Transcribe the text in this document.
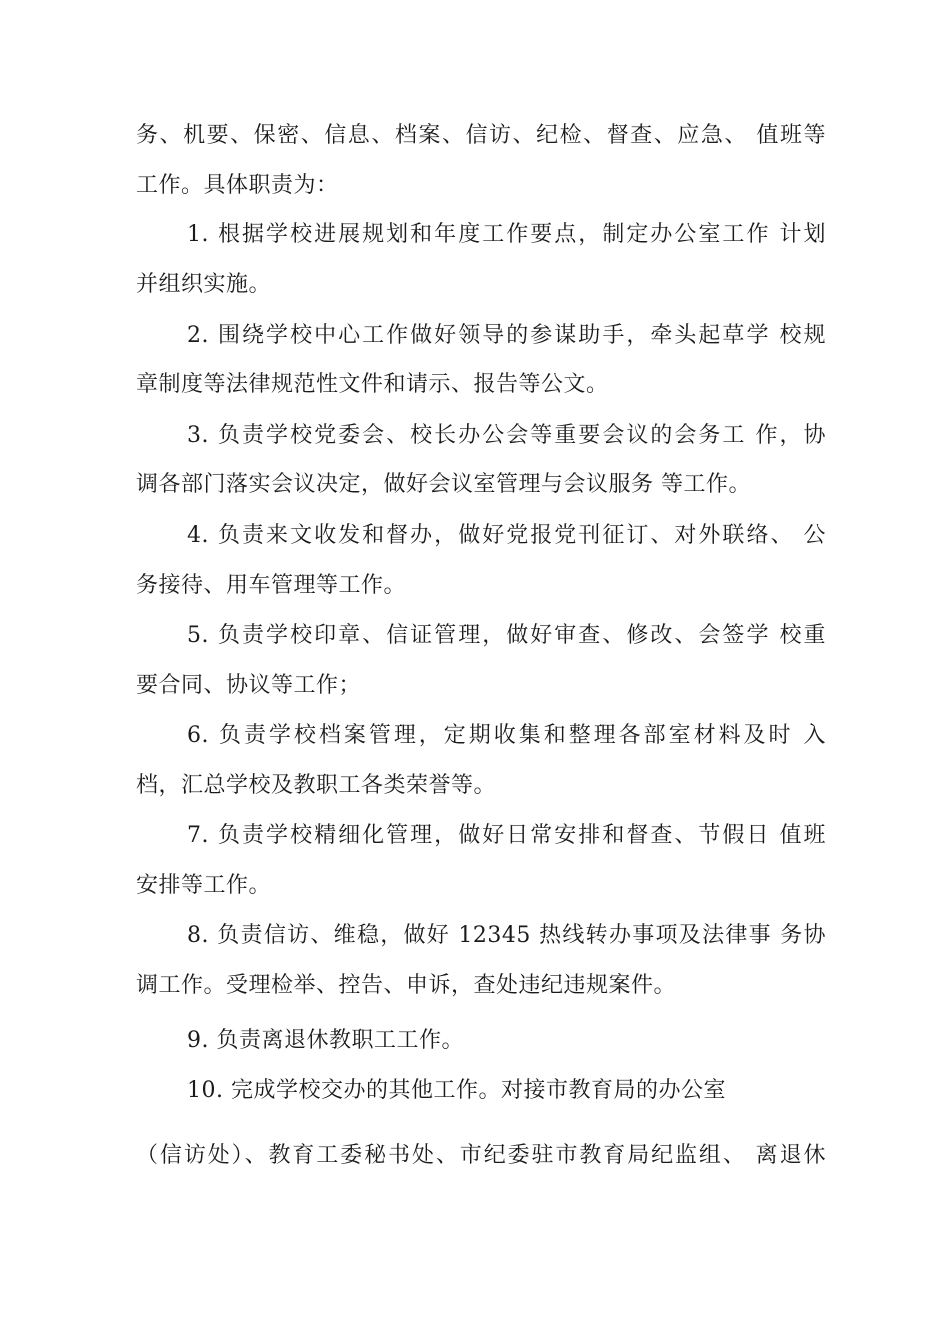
务、机要、保密、信息、档案、信访、纪检、督查、应急、 值班等
工作。具体职责为：
1. 根据学校进展规划和年度工作要点，制定办公室工作 计划
并组织实施。
2. 围绕学校中心工作做好领导的参谋助手，牵头起草学 校规
章制度等法律规范性文件和请示、报告等公文。
3. 负责学校党委会、校长办公会等重要会议的会务工 作，协
调各部门落实会议决定，做好会议室管理与会议服务 等工作。
4. 负责来文收发和督办，做好党报党刊征订、对外联络、 公
务接待、用车管理等工作。
5. 负责学校印章、信证管理，做好审查、修改、会签学 校重
要合同、协议等工作；
6. 负责学校档案管理，定期收集和整理各部室材料及时 入
档，汇总学校及教职工各类荣誉等。
7. 负责学校精细化管理，做好日常安排和督查、节假日 值班
安排等工作。
8. 负责信访、维稳，做好 12345 热线转办事项及法律事 务协
调工作。受理检举、控告、申诉，查处违纪违规案件。
9. 负责离退休教职工工作。
10. 完成学校交办的其他工作。对接市教育局的办公室
（信访处）、教育工委秘书处、市纪委驻市教育局纪监组、 离退休
